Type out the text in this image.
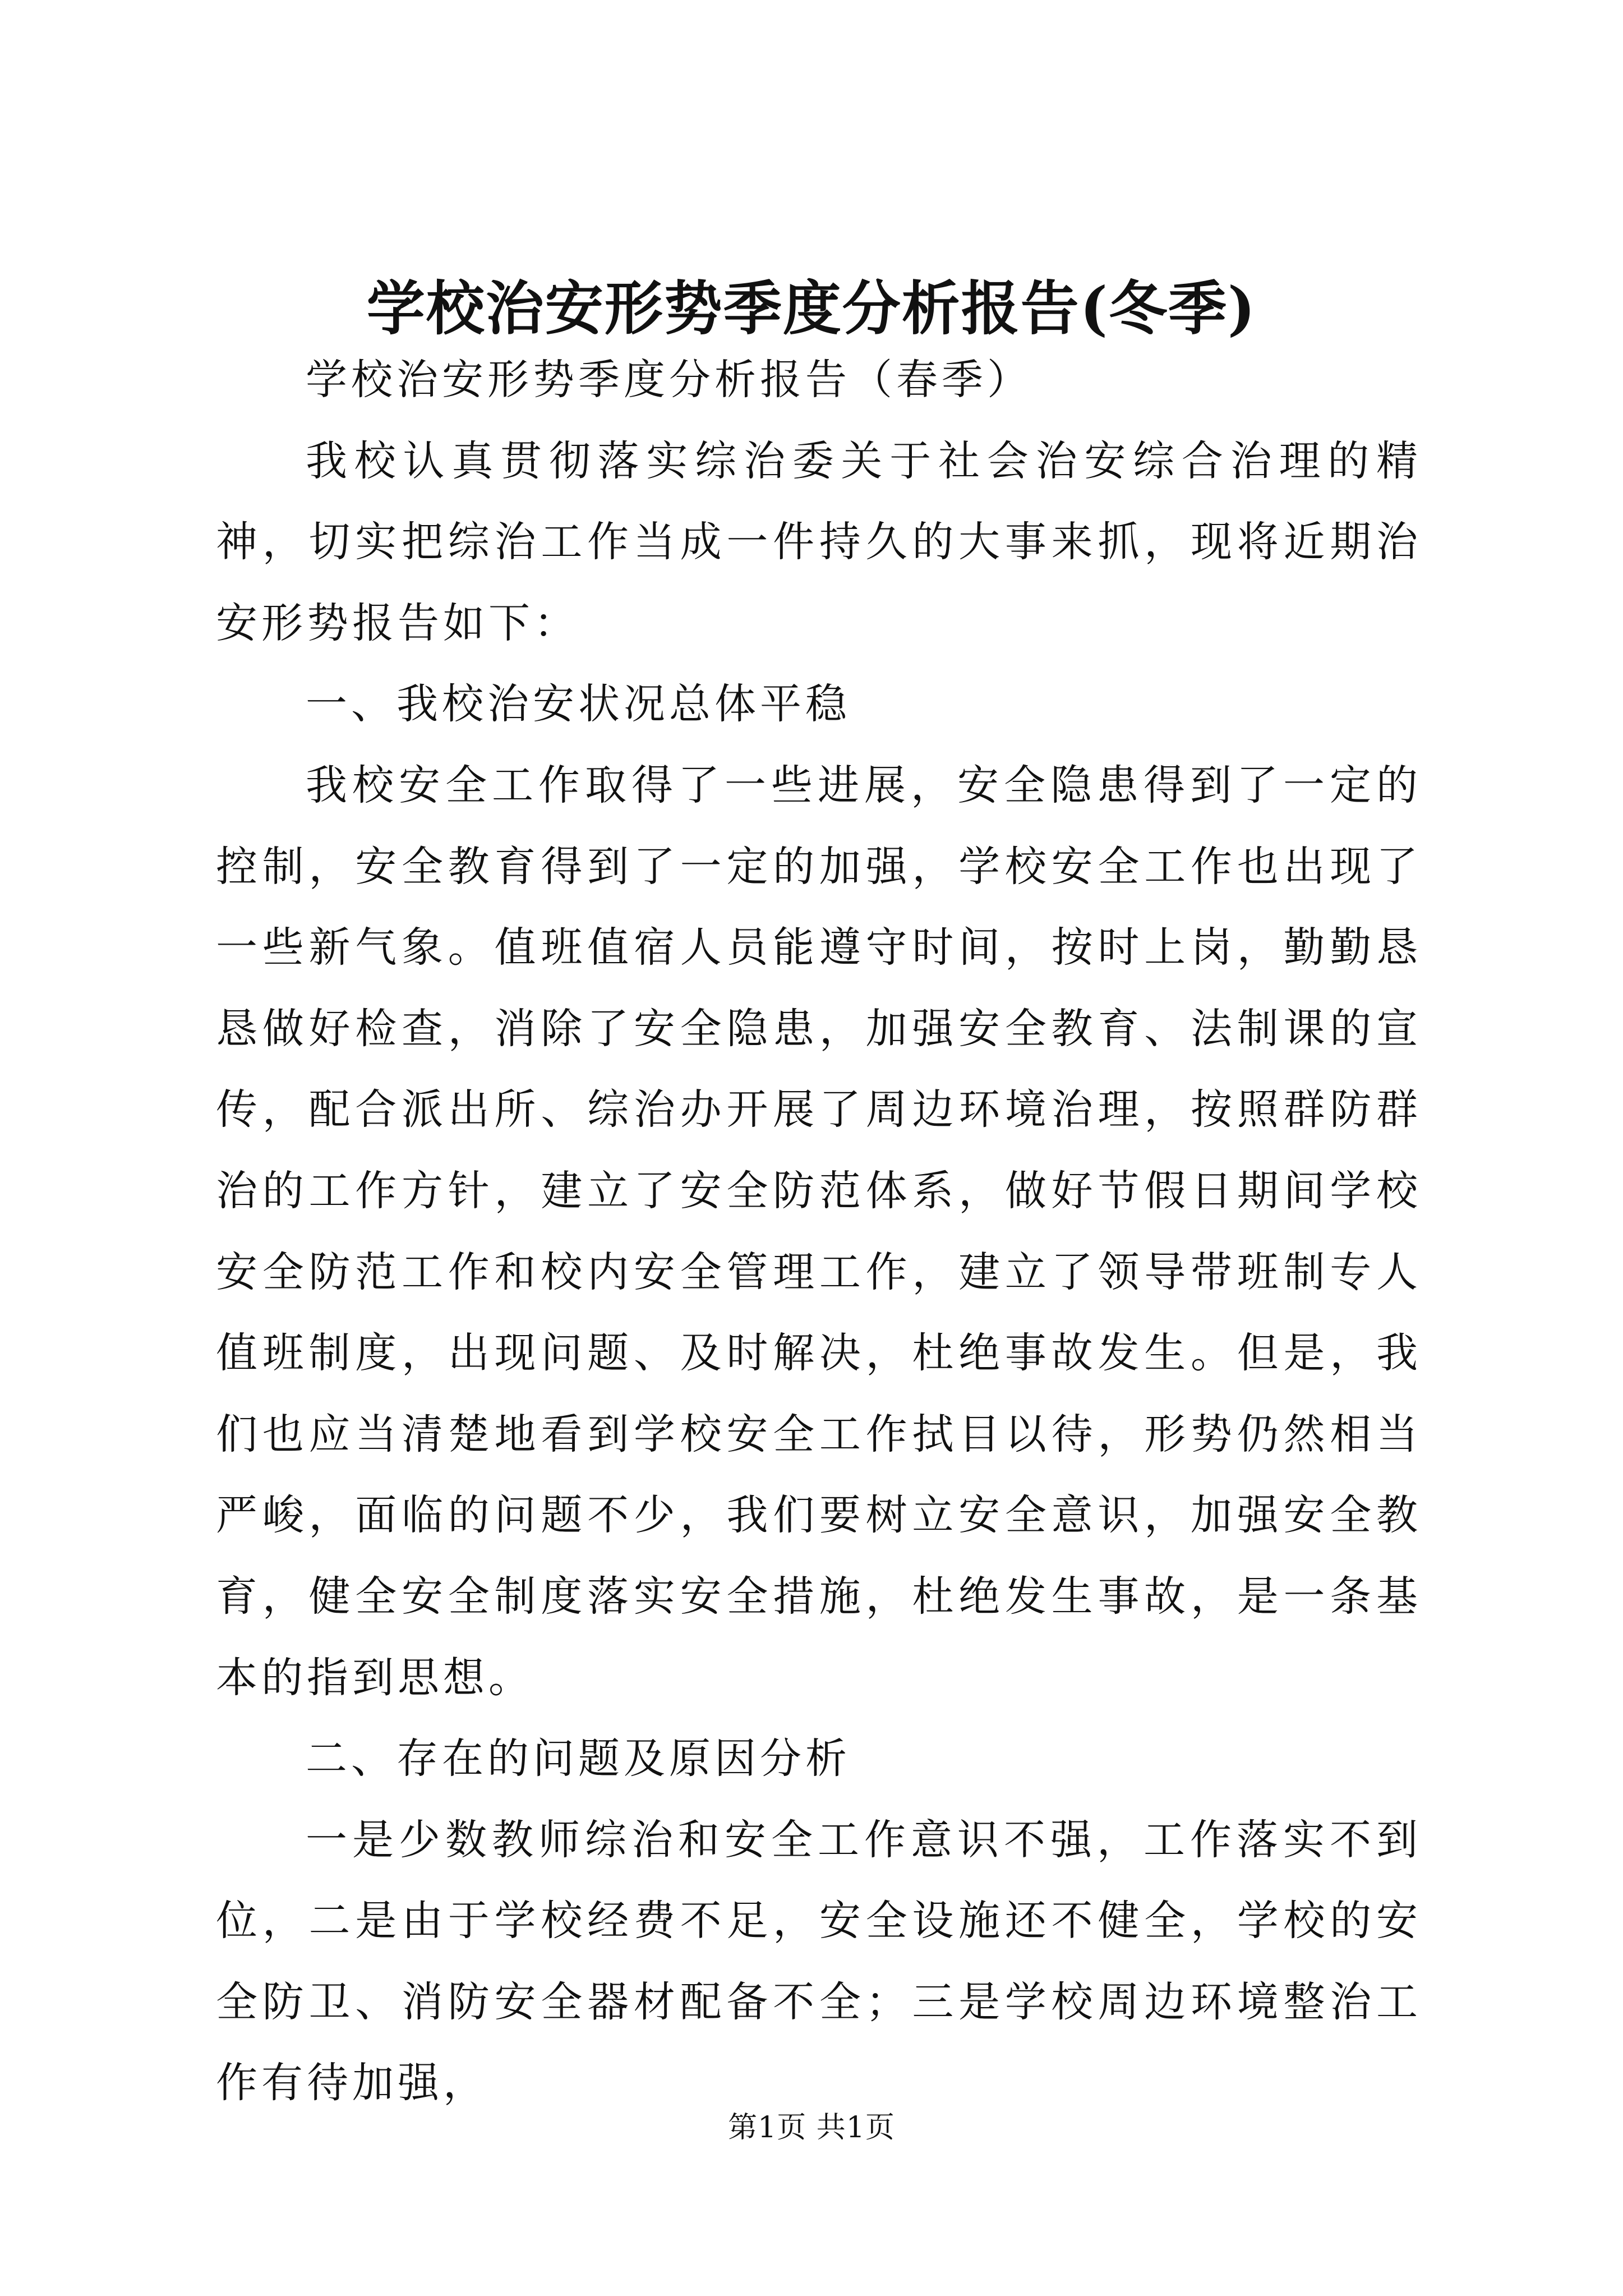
学校治安形势季度分析报告(冬季)

学校治安形势季度分析报告（春季）

我校认真贯彻落实综治委关于社会治安综合治理的精神，切实把综治工作当成一件持久的大事来抓，现将近期治安形势报告如下：

一、我校治安状况总体平稳

我校安全工作取得了一些进展，安全隐患得到了一定的控制，安全教育得到了一定的加强，学校安全工作也出现了一些新气象。值班值宿人员能遵守时间，按时上岗，勤勤恳恳做好检查，消除了安全隐患，加强安全教育、法制课的宣传，配合派出所、综治办开展了周边环境治理，按照群防群治的工作方针，建立了安全防范体系，做好节假日期间学校安全防范工作和校内安全管理工作，建立了领导带班制专人值班制度，出现问题、及时解决，杜绝事故发生。但是，我们也应当清楚地看到学校安全工作拭目以待，形势仍然相当严峻，面临的问题不少，我们要树立安全意识，加强安全教育，健全安全制度落实安全措施，杜绝发生事故，是一条基本的指到思想。

二、存在的问题及原因分析

一是少数教师综治和安全工作意识不强，工作落实不到位，二是由于学校经费不足，安全设施还不健全，学校的安全防卫、消防安全器材配备不全；三是学校周边环境整治工作有待加强，

第1页 共1页
